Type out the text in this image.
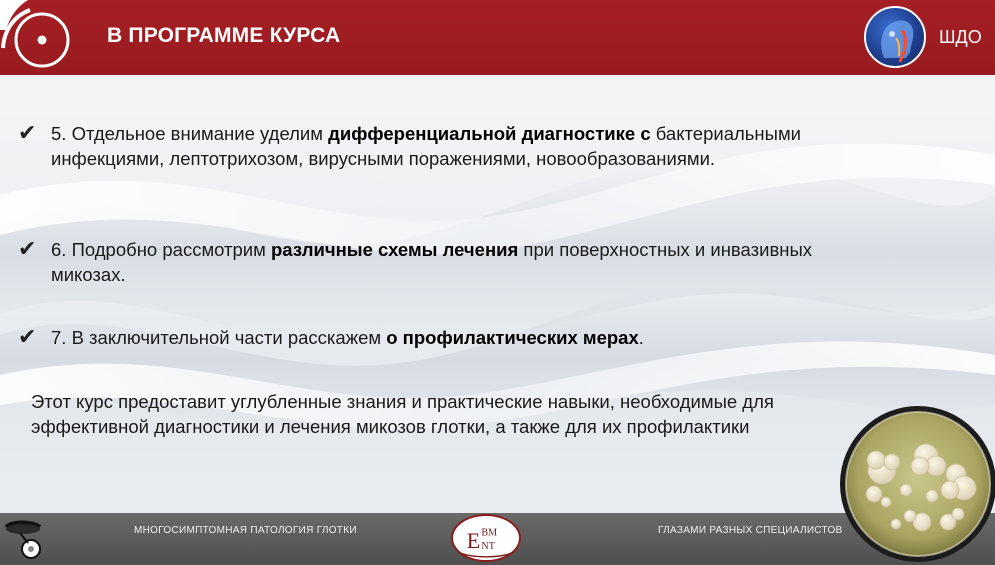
В ПРОГРАММЕ КУРСА	ШДО
✔ 5. Отдельное внимание уделим дифференциальной диагностике с бактериальными инфекциями, лептотрихозом, вирусными поражениями, новообразованиями.
✔ 6. Подробно рассмотрим различные схемы лечения при поверхностных и инвазивных микозах.
✔ 7. В заключительной части расскажем о профилактических мерах.
Этот курс предоставит углубленные знания и практические навыки, необходимые для эффективной диагностики и лечения микозов глотки, а также для их профилактики
МНОГОСИМПТОМНАЯ ПАТОЛОГИЯ ГЛОТКИ	E BM
NT
ГЛАЗАМИ РАЗНЫХ СПЕЦИАЛИСТОВ
